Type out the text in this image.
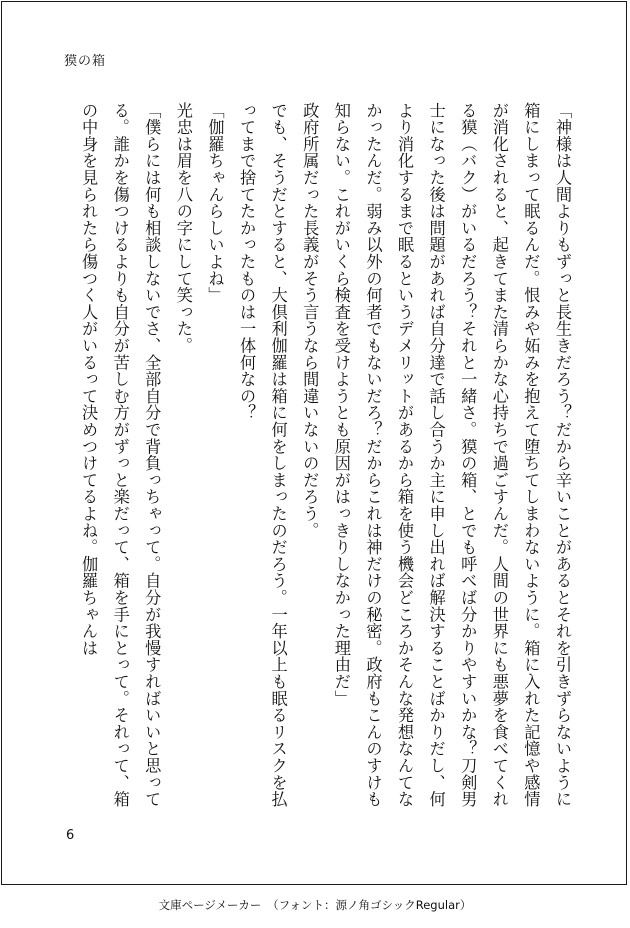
獏の箱

「神様は人間よりもずっと長生きだろう？だから辛いことがあるとそれを引きずらないように箱にしまって眠るんだ。恨みや妬みを抱えて堕ちてしまわないように。箱に入れた記憶や感情が消化されると、起きてまた清らかな心持ちで過ごすんだ。人間の世界にも悪夢を食べてくれる獏（バク）がいるだろう？それと一緒さ。獏の箱、とでも呼べば分かりやすいかな？刀剣男士になった後は問題があれば自分達で話し合うか主に申し出れば解決することばかりだし、何より消化するまで眠るというデメリットがあるから箱を使う機会どころかそんな発想なんてなかったんだ。弱み以外の何者でもないだろ？だからこれは神だけの秘密。政府もこんのすけも知らない。これがいくら検査を受けようとも原因がはっきりしなかった理由だ」

政府所属だった長義がそう言うなら間違いないのだろう。

でも、そうだとすると、大倶利伽羅は箱に何をしまったのだろう。一年以上も眠るリスクを払ってまで捨てたかったものは一体何なの？

「伽羅ちゃんらしいよね」

光忠は眉を八の字にして笑った。

「僕らには何も相談しないでさ、全部自分で背負っちゃって。自分が我慢すればいいと思ってる。誰かを傷つけるよりも自分が苦しむ方がずっと楽だって、箱を手にとって。それって、箱の中身を見られたら傷つく人がいるって決めつけてるよね。伽羅ちゃんは

6
文庫ページメーカー　（フォント：源ノ角ゴシックRegular）
